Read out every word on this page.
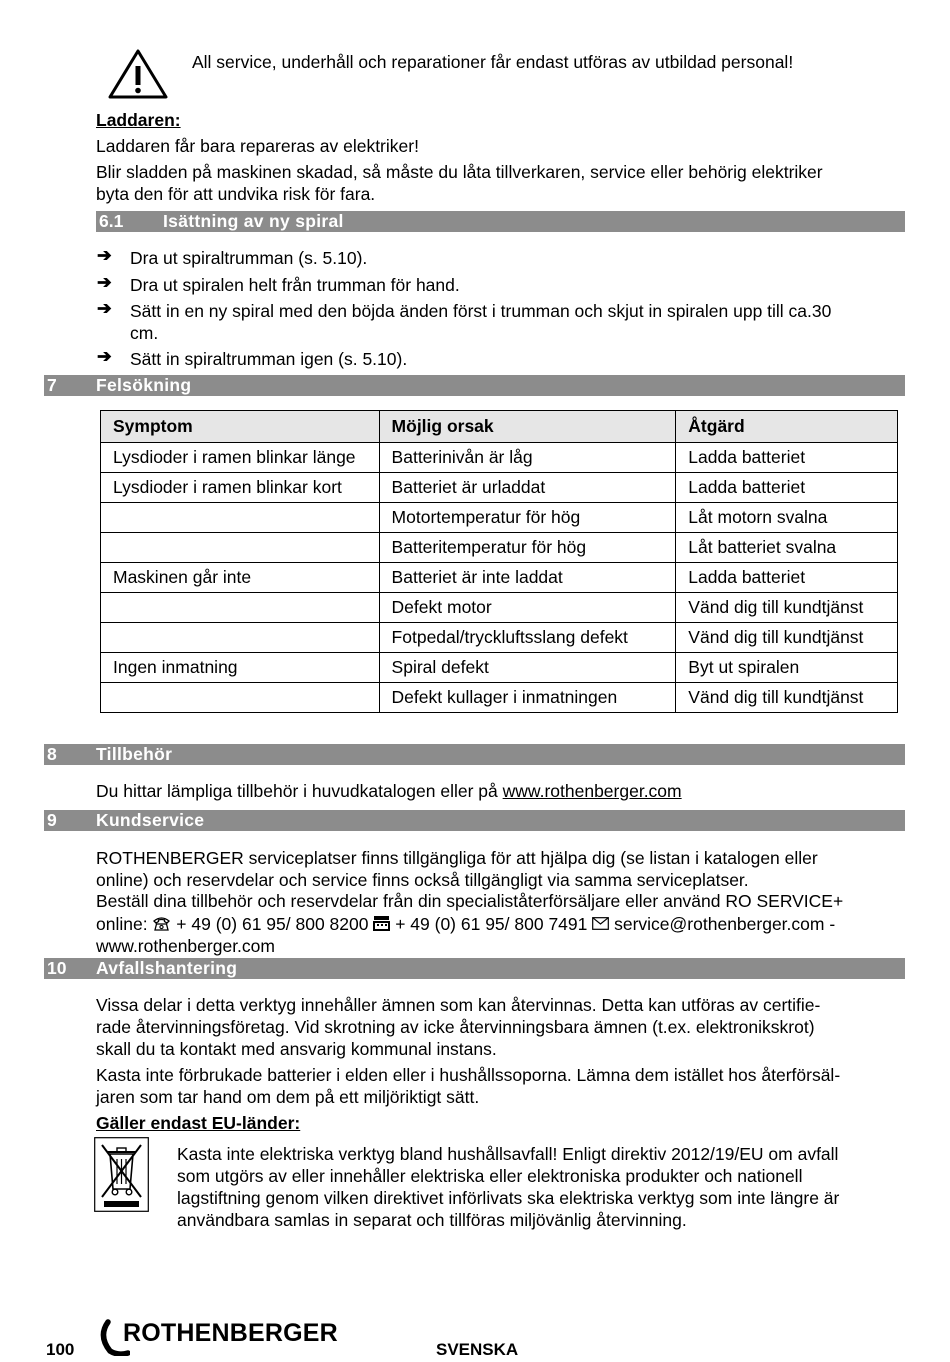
All service, underhåll och reparationer får endast utföras av utbildad personal!
Laddaren:
Laddaren får bara repareras av elektriker!
Blir sladden på maskinen skadad, så måste du låta tillverkaren, service eller behörig elektriker
byta den för att undvika risk för fara.
6.1 Isättning av ny spiral
➔	Dra ut spiraltrumman (s. 5.10).
➔	Dra ut spiralen helt från trumman för hand.
➔	Sätt in en ny spiral med den böjda änden först i trumman och skjut in spiralen upp till ca.30
cm.
➔	Sätt in spiraltrumman igen (s. 5.10).
7 Felsökning
Symptom	Möjlig orsak	Åtgärd
Lysdioder i ramen blinkar länge	Batterinivån är låg	Ladda batteriet
Lysdioder i ramen blinkar kort	Batteriet är urladdat	Ladda batteriet
	Motortemperatur för hög	Låt motorn svalna
	Batteritemperatur för hög	Låt batteriet svalna
Maskinen går inte	Batteriet är inte laddat	Ladda batteriet
	Defekt motor	Vänd dig till kundtjänst
	Fotpedal/tryckluftsslang defekt	Vänd dig till kundtjänst
Ingen inmatning	Spiral defekt	Byt ut spiralen
	Defekt kullager i inmatningen	Vänd dig till kundtjänst
8 Tillbehör
Du hittar lämpliga tillbehör i huvudkatalogen eller på www.rothenberger.com
9 Kundservice
ROTHENBERGER serviceplatser finns tillgängliga för att hjälpa dig (se listan i katalogen eller
online) och reservdelar och service finns också tillgängligt via samma serviceplatser.
Beställ dina tillbehör och reservdelar från din specialiståterförsäljare eller använd RO SERVICE+
online:  + 49 (0) 61 95/ 800 8200  + 49 (0) 61 95/ 800 7491  service@rothenberger.com -
www.rothenberger.com
10 Avfallshantering
Vissa delar i detta verktyg innehåller ämnen som kan återvinnas. Detta kan utföras av certifie-
rade återvinningsföretag. Vid skrotning av icke återvinningsbara ämnen (t.ex. elektronikskrot)
skall du ta kontakt med ansvarig kommunal instans.
Kasta inte förbrukade batterier i elden eller i hushållssoporna. Lämna dem istället hos återförsäl-
jaren som tar hand om dem på ett miljöriktigt sätt.
Gäller endast EU-länder:
Kasta inte elektriska verktyg bland hushållsavfall! Enligt direktiv 2012/19/EU om avfall
som utgörs av eller innehåller elektriska eller elektroniska produkter och nationell
lagstiftning genom vilken direktivet införlivats ska elektriska verktyg som inte längre är
användbara samlas in separat och tillföras miljövänlig återvinning.
100
ROTHENBERGER
SVENSKA
